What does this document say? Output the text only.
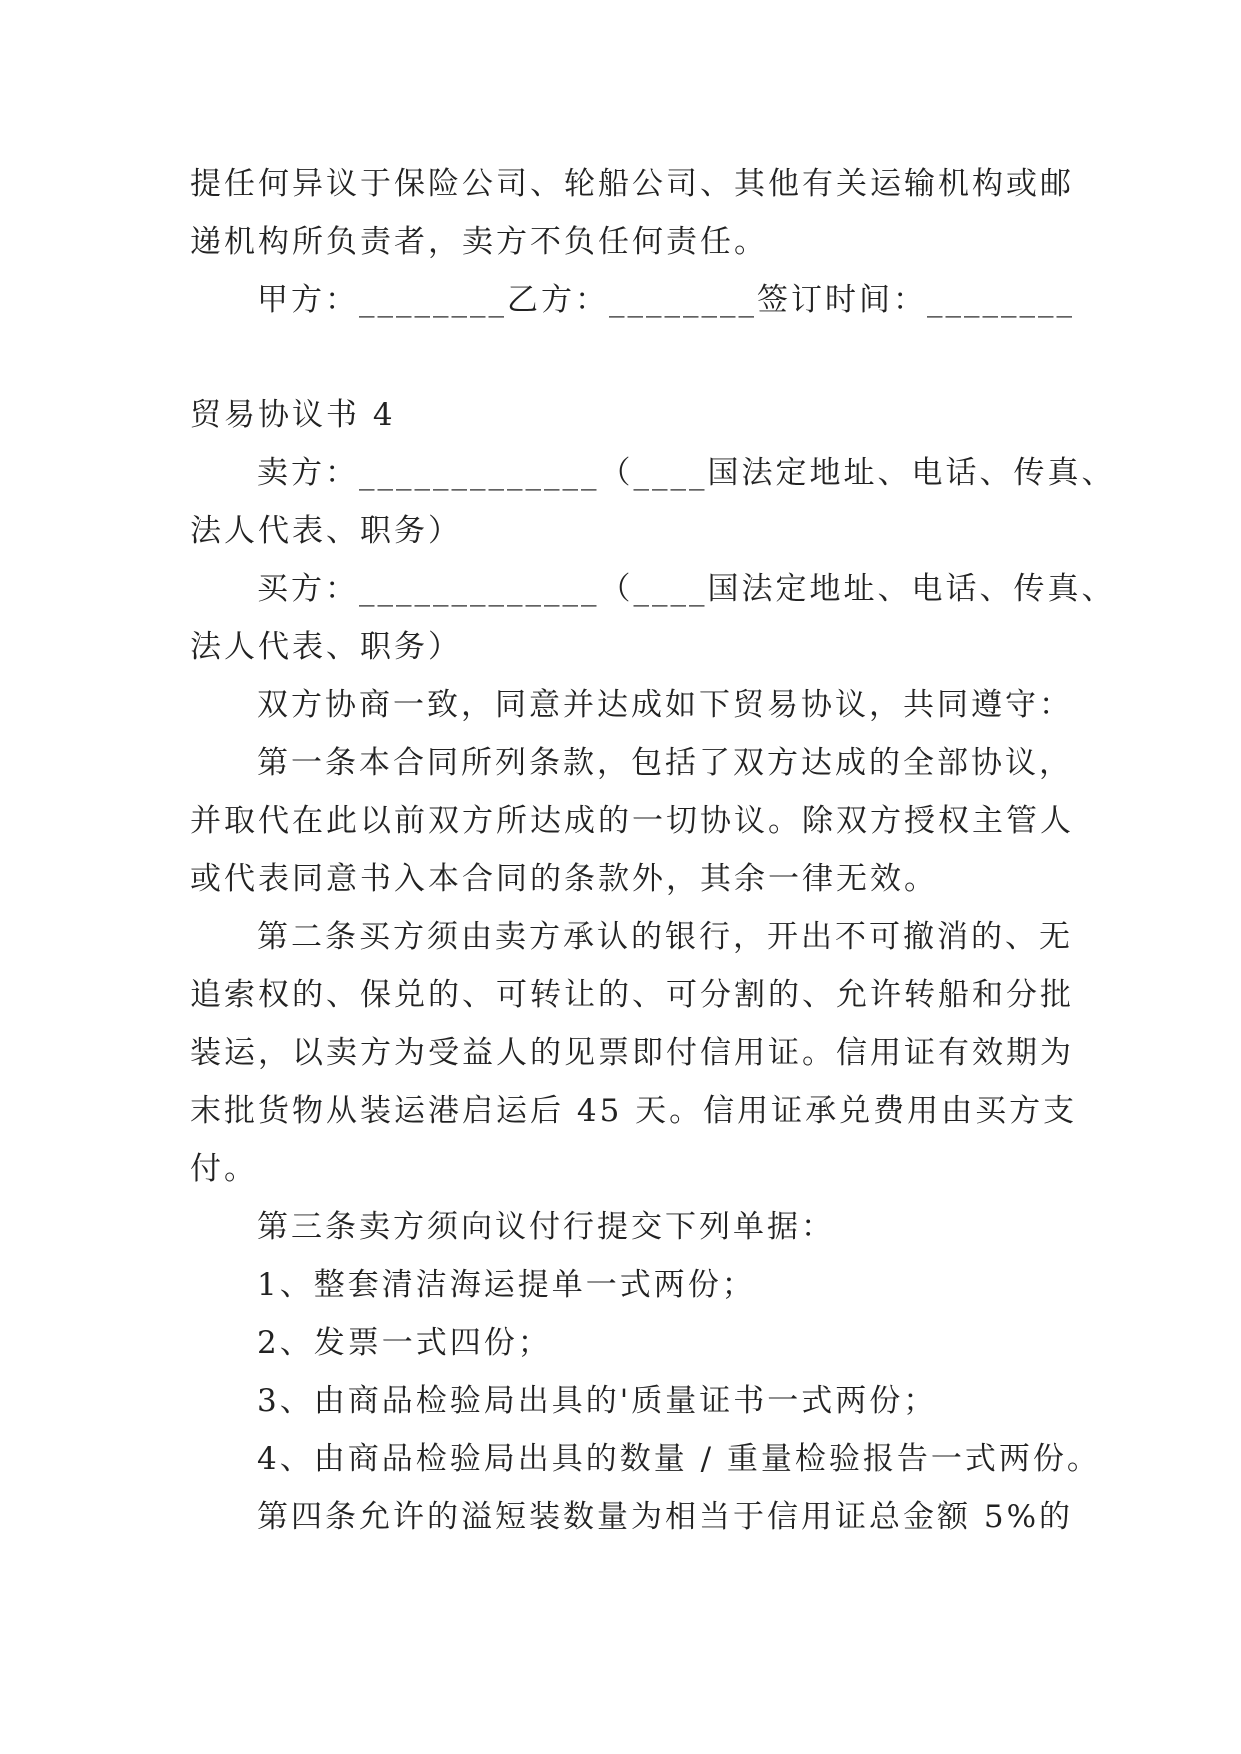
提任何异议于保险公司、轮船公司、其他有关运输机构或邮
递机构所负责者，卖方不负任何责任。
甲方：________乙方：________签订时间：________
贸易协议书 4
卖方：_____________（____国法定地址、电话、传真、
法人代表、职务）
买方：_____________（____国法定地址、电话、传真、
法人代表、职务）
双方协商一致，同意并达成如下贸易协议，共同遵守：
第一条本合同所列条款，包括了双方达成的全部协议，
并取代在此以前双方所达成的一切协议。除双方授权主管人
或代表同意书入本合同的条款外，其余一律无效。
第二条买方须由卖方承认的银行，开出不可撤消的、无
追索权的、保兑的、可转让的、可分割的、允许转船和分批
装运，以卖方为受益人的见票即付信用证。信用证有效期为
末批货物从装运港启运后 45 天。信用证承兑费用由买方支
付。
第三条卖方须向议付行提交下列单据：
1、整套清洁海运提单一式两份；
2、发票一式四份；
3、由商品检验局出具的'质量证书一式两份；
4、由商品检验局出具的数量 / 重量检验报告一式两份。
第四条允许的溢短装数量为相当于信用证总金额 5%的
